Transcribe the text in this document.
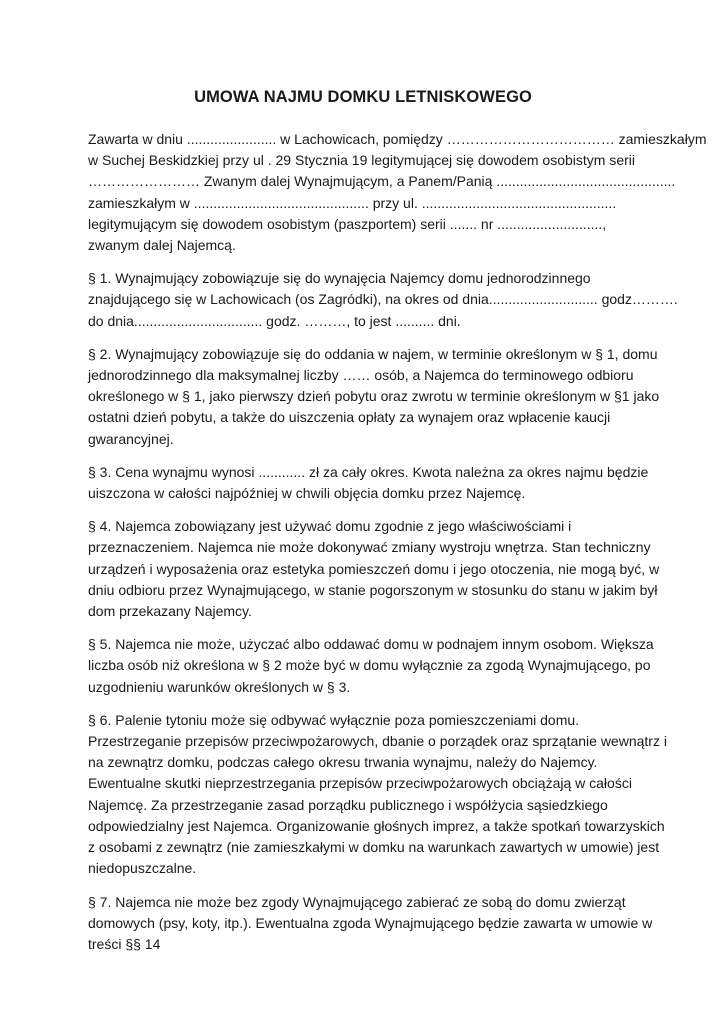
UMOWA NAJMU DOMKU LETNISKOWEGO
Zawarta w dniu ....................... w Lachowicach, pomiędzy ……………………………… zamieszkałym
w Suchej Beskidzkiej przy ul . 29 Stycznia 19 legitymującej się dowodem osobistym serii
…………………… Zwanym dalej Wynajmującym, a Panem/Panią ..............................................
zamieszkałym w ............................................. przy ul. ..................................................
legitymującym się dowodem osobistym (paszportem) serii ....... nr ...........................,
zwanym dalej Najemcą.
§ 1. Wynajmujący zobowiązuje się do wynajęcia Najemcy domu jednorodzinnego
znajdującego się w Lachowicach (os Zagródki), na okres od dnia............................ godz……….
do dnia................................. godz. ………, to jest .......... dni.
§ 2. Wynajmujący zobowiązuje się do oddania w najem, w terminie określonym w § 1, domu
jednorodzinnego dla maksymalnej liczby …… osób, a Najemca do terminowego odbioru
określonego w § 1, jako pierwszy dzień pobytu oraz zwrotu w terminie określonym w §1 jako
ostatni dzień pobytu, a także do uiszczenia opłaty za wynajem oraz wpłacenie kaucji
gwarancyjnej.
§ 3. Cena wynajmu wynosi ............ zł za cały okres. Kwota należna za okres najmu będzie
uiszczona w całości najpóźniej w chwili objęcia domku przez Najemcę.
§ 4. Najemca zobowiązany jest używać domu zgodnie z jego właściwościami i
przeznaczeniem. Najemca nie może dokonywać zmiany wystroju wnętrza. Stan techniczny
urządzeń i wyposażenia oraz estetyka pomieszczeń domu i jego otoczenia, nie mogą być, w
dniu odbioru przez Wynajmującego, w stanie pogorszonym w stosunku do stanu w jakim był
dom przekazany Najemcy.
§ 5. Najemca nie może, użyczać albo oddawać domu w podnajem innym osobom. Większa
liczba osób niż określona w § 2 może być w domu wyłącznie za zgodą Wynajmującego, po
uzgodnieniu warunków określonych w § 3.
§ 6. Palenie tytoniu może się odbywać wyłącznie poza pomieszczeniami domu.
Przestrzeganie przepisów przeciwpożarowych, dbanie o porządek oraz sprzątanie wewnątrz i
na zewnątrz domku, podczas całego okresu trwania wynajmu, należy do Najemcy.
Ewentualne skutki nieprzestrzegania przepisów przeciwpożarowych obciążają w całości
Najemcę. Za przestrzeganie zasad porządku publicznego i współżycia sąsiedzkiego
odpowiedzialny jest Najemca. Organizowanie głośnych imprez, a także spotkań towarzyskich
z osobami z zewnątrz (nie zamieszkałymi w domku na warunkach zawartych w umowie) jest
niedopuszczalne.
§ 7. Najemca nie może bez zgody Wynajmującego zabierać ze sobą do domu zwierząt
domowych (psy, koty, itp.). Ewentualna zgoda Wynajmującego będzie zawarta w umowie w
treści §§ 14
